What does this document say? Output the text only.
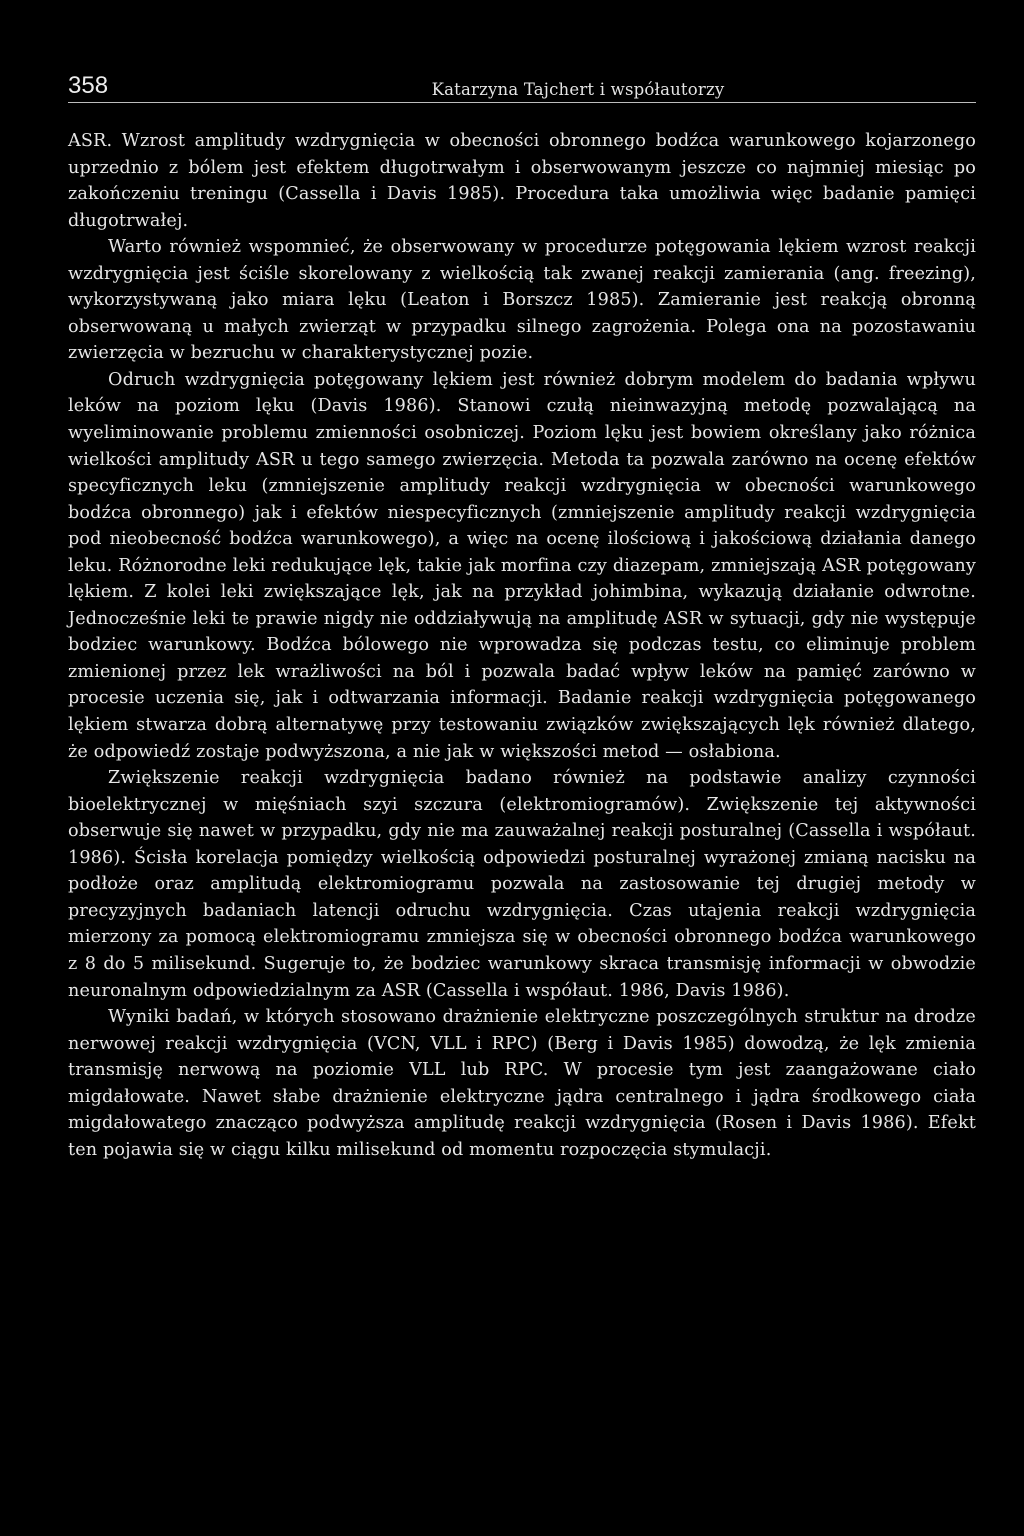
358	Katarzyna Tajchert i współautorzy

ASR. Wzrost amplitudy wzdrygnięcia w obecności obronnego bodźca warunkowego kojarzonego uprzednio z bólem jest efektem długotrwałym i obserwowanym jeszcze co najmniej miesiąc po zakończeniu treningu (Cassella i Davis 1985). Procedura taka umożliwia więc badanie pamięci długotrwałej.

Warto również wspomnieć, że obserwowany w procedurze potęgowania lękiem wzrost reakcji wzdrygnięcia jest ściśle skorelowany z wielkością tak zwanej reakcji zamierania (ang. freezing), wykorzystywaną jako miara lęku (Leaton i Borszcz 1985). Zamieranie jest reakcją obronną obserwowaną u małych zwierząt w przypadku silnego zagrożenia. Polega ona na pozostawaniu zwierzęcia w bezruchu w charakterystycznej pozie.

Odruch wzdrygnięcia potęgowany lękiem jest również dobrym modelem do badania wpływu leków na poziom lęku (Davis 1986). Stanowi czułą nieinwazyjną metodę pozwalającą na wyeliminowanie problemu zmienności osobniczej. Poziom lęku jest bowiem określany jako różnica wielkości amplitudy ASR u tego samego zwierzęcia. Metoda ta pozwala zarówno na ocenę efektów specyficznych leku (zmniejszenie amplitudy reakcji wzdrygnięcia w obecności warunkowego bodźca obronnego) jak i efektów niespecyficznych (zmniejszenie amplitudy reakcji wzdrygnięcia pod nieobecność bodźca warunkowego), a więc na ocenę ilościową i jakościową działania danego leku. Różnorodne leki redukujące lęk, takie jak morfina czy diazepam, zmniejszają ASR potęgowany lękiem. Z kolei leki zwiększające lęk, jak na przykład johimbina, wykazują działanie odwrotne. Jednocześnie leki te prawie nigdy nie oddziaływują na amplitudę ASR w sytuacji, gdy nie występuje bodziec warunkowy. Bodźca bólowego nie wprowadza się podczas testu, co eliminuje problem zmienionej przez lek wrażliwości na ból i pozwala badać wpływ leków na pamięć zarówno w procesie uczenia się, jak i odtwarzania informacji. Badanie reakcji wzdrygnięcia potęgowanego lękiem stwarza dobrą alternatywę przy testowaniu związków zwiększających lęk również dlatego, że odpowiedź zostaje podwyższona, a nie jak w większości metod — osłabiona.

Zwiększenie reakcji wzdrygnięcia badano również na podstawie analizy czynności bioelektrycznej w mięśniach szyi szczura (elektromiogramów). Zwiększenie tej aktywności obserwuje się nawet w przypadku, gdy nie ma zauważalnej reakcji posturalnej (Cassella i współaut. 1986). Ścisła korelacja pomiędzy wielkością odpowiedzi posturalnej wyrażonej zmianą nacisku na podłoże oraz amplitudą elektromiogramu pozwala na zastosowanie tej drugiej metody w precyzyjnych badaniach latencji odruchu wzdrygnięcia. Czas utajenia reakcji wzdrygnięcia mierzony za pomocą elektromiogramu zmniejsza się w obecności obronnego bodźca warunkowego z 8 do 5 milisekund. Sugeruje to, że bodziec warunkowy skraca transmisję informacji w obwodzie neuronalnym odpowiedzialnym za ASR (Cassella i współaut. 1986, Davis 1986).

Wyniki badań, w których stosowano drażnienie elektryczne poszczególnych struktur na drodze nerwowej reakcji wzdrygnięcia (VCN, VLL i RPC) (Berg i Davis 1985) dowodzą, że lęk zmienia transmisję nerwową na poziomie VLL lub RPC. W procesie tym jest zaangażowane ciało migdałowate. Nawet słabe drażnienie elektryczne jądra centralnego i jądra środkowego ciała migdałowatego znacząco podwyższa amplitudę reakcji wzdrygnięcia (Rosen i Davis 1986). Efekt ten pojawia się w ciągu kilku milisekund od momentu rozpoczęcia stymulacji.
